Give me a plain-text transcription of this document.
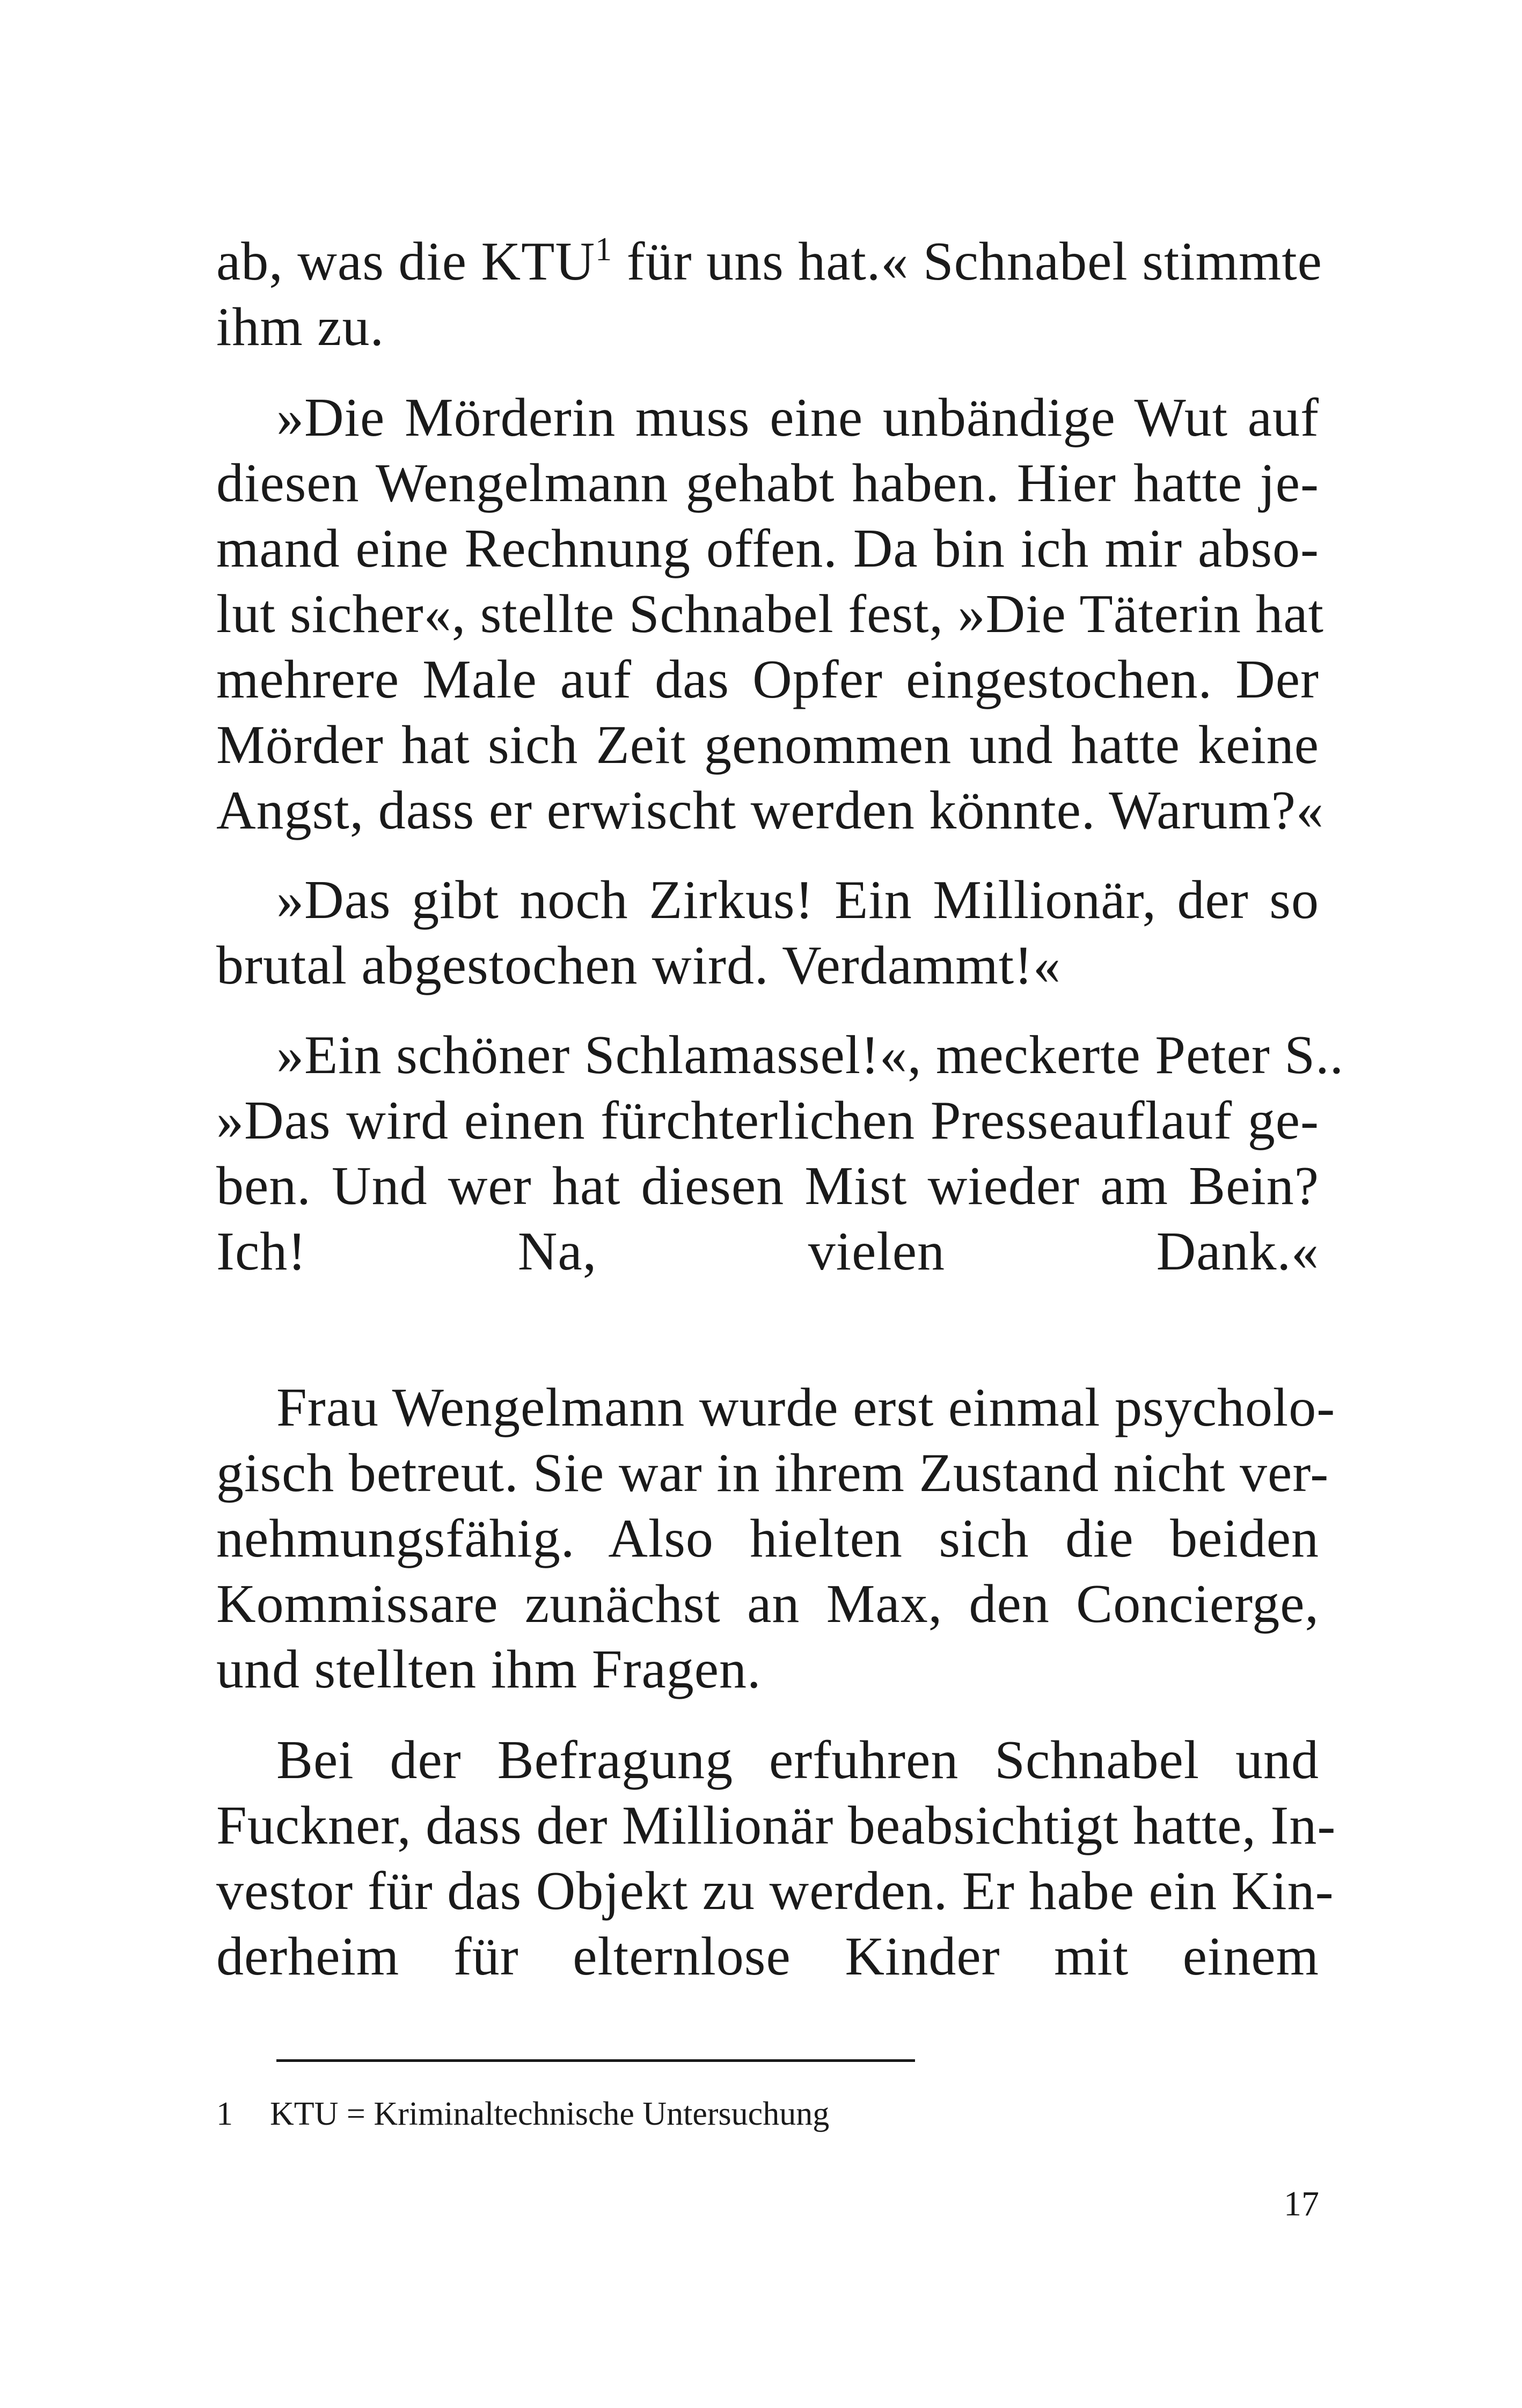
ab, was die KTU$^1$ für uns hat.« Schnabel stimmte
ihm zu.
»Die Mörderin muss eine unbändige Wut auf
diesen Wengelmann gehabt haben. Hier hatte je-
mand eine Rechnung offen. Da bin ich mir abso-
lut sicher«, stellte Schnabel fest, »Die Täterin hat
mehrere Male auf das Opfer eingestochen. Der
Mörder hat sich Zeit genommen und hatte keine
Angst, dass er erwischt werden könnte. Warum?«
»Das gibt noch Zirkus! Ein Millionär, der so
brutal abgestochen wird. Verdammt!«
»Ein schöner Schlamassel!«, meckerte Peter S..
»Das wird einen fürchterlichen Presseauflauf ge-
ben. Und wer hat diesen Mist wieder am Bein?
Ich! Na, vielen Dank.«
Frau Wengelmann wurde erst einmal psycholo-
gisch betreut. Sie war in ihrem Zustand nicht ver-
nehmungsfähig. Also hielten sich die beiden
Kommissare zunächst an Max, den Concierge,
und stellten ihm Fragen.
Bei der Befragung erfuhren Schnabel und
Fuckner, dass der Millionär beabsichtigt hatte, In-
vestor für das Objekt zu werden. Er habe ein Kin-
derheim für elternlose Kinder mit einem
1 KTU = Kriminaltechnische Untersuchung
17
